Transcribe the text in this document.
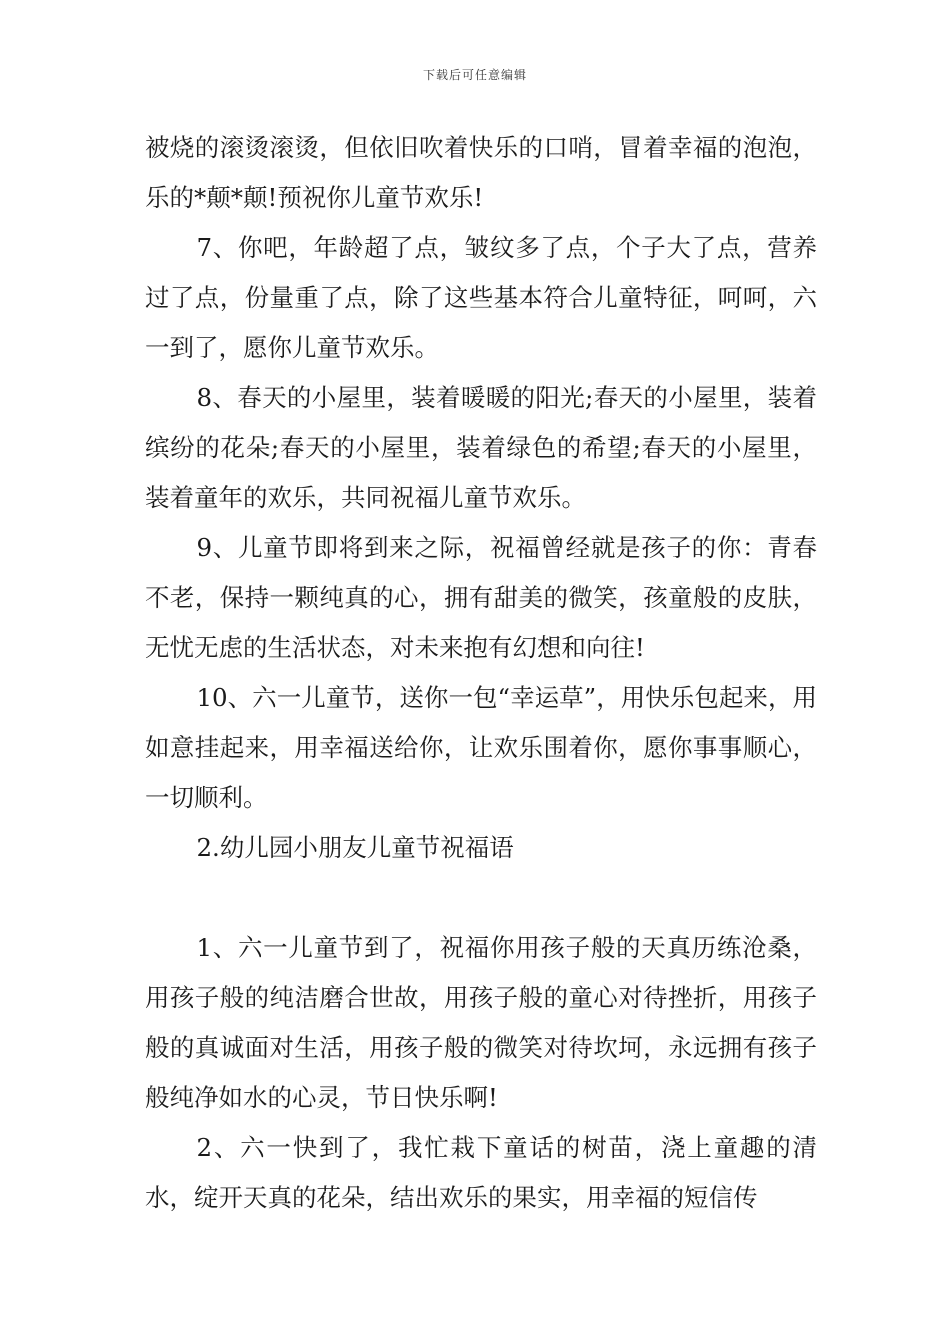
下载后可任意编辑

被烧的滚烫滚烫，但依旧吹着快乐的口哨，冒着幸福的泡泡，乐的*颠*颠!预祝你儿童节欢乐!

7、你吧，年龄超了点，皱纹多了点，个子大了点，营养过了点，份量重了点，除了这些基本符合儿童特征，呵呵，六一到了，愿你儿童节欢乐。

8、春天的小屋里，装着暖暖的阳光;春天的小屋里，装着缤纷的花朵;春天的小屋里，装着绿色的希望;春天的小屋里，装着童年的欢乐，共同祝福儿童节欢乐。

9、儿童节即将到来之际，祝福曾经就是孩子的你：青春不老，保持一颗纯真的心，拥有甜美的微笑，孩童般的皮肤，无忧无虑的生活状态，对未来抱有幻想和向往!

10、六一儿童节，送你一包“幸运草”，用快乐包起来，用如意挂起来，用幸福送给你，让欢乐围着你，愿你事事顺心，一切顺利。

2.幼儿园小朋友儿童节祝福语

1、六一儿童节到了，祝福你用孩子般的天真历练沧桑，用孩子般的纯洁磨合世故，用孩子般的童心对待挫折，用孩子般的真诚面对生活，用孩子般的微笑对待坎坷，永远拥有孩子般纯净如水的心灵，节日快乐啊!

2、六一快到了，我忙栽下童话的树苗，浇上童趣的清水，绽开天真的花朵，结出欢乐的果实，用幸福的短信传
